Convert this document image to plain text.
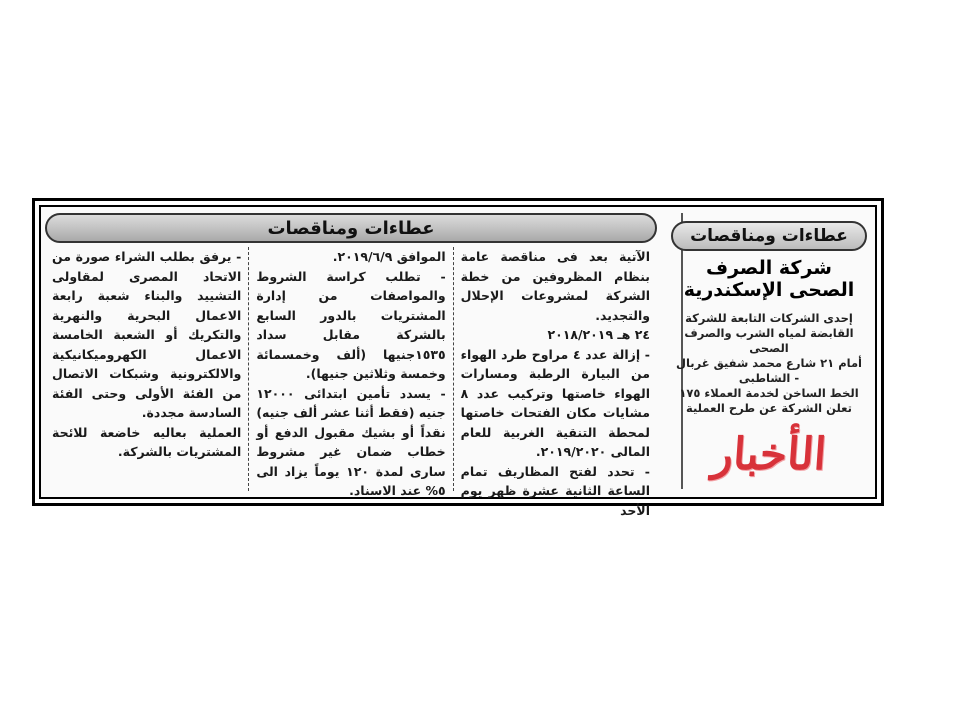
عطاءات ومناقصات

الآتية بعد فى مناقصة عامة بنظام المظروفين من خطة الشركة لمشروعات الإحلال والتجديد.

٢٤ هـ ٢٠١٨/٢٠١٩

- إزالة عدد ٤ مراوح طرد الهواء من البيارة الرطبة ومسارات الهواء خاصتها وتركيب عدد ٨ مشايات مكان الفتحات خاصتها لمحطة التنقية الغربية للعام المالى ٢٠١٩/٢٠٢٠.

- تحدد لفتح المظاريف تمام الساعة الثانية عشرة ظهر يوم الأحد

الموافق ٢٠١٩/٦/٩.

- تطلب كراسة الشروط والمواصفات من إدارة المشتريات بالدور السابع بالشركة مقابل سداد ١٥٣٥جنيها (ألف وخمسمائة وخمسة وثلاثين جنيها).

- يسدد تأمين ابتدائى ١٢٠٠٠ جنيه (فقط أثنا عشر ألف جنيه) نقداً أو بشيك مقبول الدفع أو خطاب ضمان غير مشروط سارى لمدة ١٢٠ يوماً يزاد الى ٥% عند الاسناد.

- يرفق بطلب الشراء صورة من الاتحاد المصرى لمقاولى التشييد والبناء شعبة رابعة الاعمال البحرية والنهرية والتكريك أو الشعبة الخامسة الاعمال الكهروميكانيكية والالكترونية وشبكات الاتصال من الفئة الأولى وحتى الفئة السادسة مجددة.

العملية بعاليه خاضعة للائحة المشتريات بالشركة.

عطاءات ومناقصات
شركة الصرف الصحى الإسكندرية
إحدى الشركات التابعة للشركة
القابضة لمياه الشرب والصرف الصحى
أمام ٢١ شارع محمد شفيق غربال
- الشاطبى
الخط الساخن لخدمة العملاء ١٧٥
تعلن الشركة عن طرح العملية
الأخبار
